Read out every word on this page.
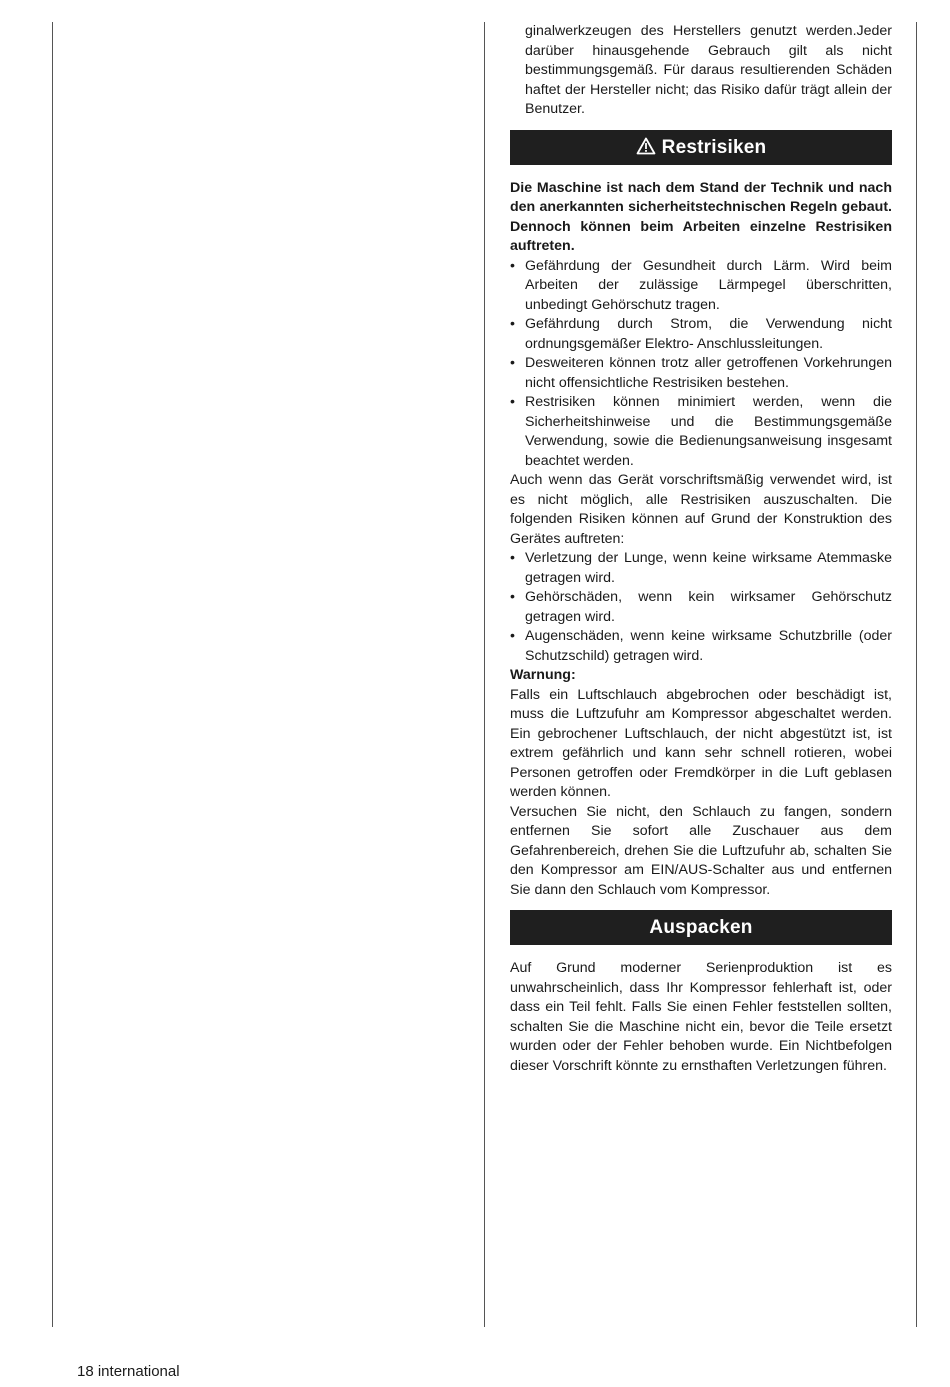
ginalwerkzeugen des Herstellers genutzt werden.Jeder darüber hinausgehende Gebrauch gilt als nicht bestimmungsgemäß. Für daraus resultierenden Schäden haftet der Hersteller nicht; das Risiko dafür trägt allein der Benutzer.

Restrisiken

Die Maschine ist nach dem Stand der Technik und nach den anerkannten sicherheitstechnischen Regeln gebaut. Dennoch können beim Arbeiten einzelne Restrisiken auftreten.

• Gefährdung der Gesundheit durch Lärm. Wird beim Arbeiten der zulässige Lärmpegel überschritten, unbedingt Gehörschutz tragen.
• Gefährdung durch Strom, die Verwendung nicht ordnungsgemäßer Elektro- Anschlussleitungen.
• Desweiteren können trotz aller getroffenen Vorkehrungen nicht offensichtliche Restrisiken bestehen.
• Restrisiken können minimiert werden, wenn die Sicherheitshinweise und die Bestimmungsgemäße Verwendung, sowie die Bedienungsanweisung insgesamt beachtet werden.

Auch wenn das Gerät vorschriftsmäßig verwendet wird, ist es nicht möglich, alle Restrisiken auszuschalten. Die folgenden Risiken können auf Grund der Konstruktion des Gerätes auftreten:

• Verletzung der Lunge, wenn keine wirksame Atemmaske getragen wird.
• Gehörschäden, wenn kein wirksamer Gehörschutz getragen wird.
• Augenschäden, wenn keine wirksame Schutzbrille (oder Schutzschild) getragen wird.

Warnung:

Falls ein Luftschlauch abgebrochen oder beschädigt ist, muss die Luftzufuhr am Kompressor abgeschaltet werden. Ein gebrochener Luftschlauch, der nicht abgestützt ist, ist extrem gefährlich und kann sehr schnell rotieren, wobei Personen getroffen oder Fremdkörper in die Luft geblasen werden können.

Versuchen Sie nicht, den Schlauch zu fangen, sondern entfernen Sie sofort alle Zuschauer aus dem Gefahrenbereich, drehen Sie die Luftzufuhr ab, schalten Sie den Kompressor am EIN/AUS-Schalter aus und entfernen Sie dann den Schlauch vom Kompressor.

Auspacken

Auf Grund moderner Serienproduktion ist es unwahrscheinlich, dass Ihr Kompressor fehlerhaft ist, oder dass ein Teil fehlt. Falls Sie einen Fehler feststellen sollten, schalten Sie die Maschine nicht ein, bevor die Teile ersetzt wurden oder der Fehler behoben wurde. Ein Nichtbefolgen dieser Vorschrift könnte zu ernsthaften Verletzungen führen.

18 international
